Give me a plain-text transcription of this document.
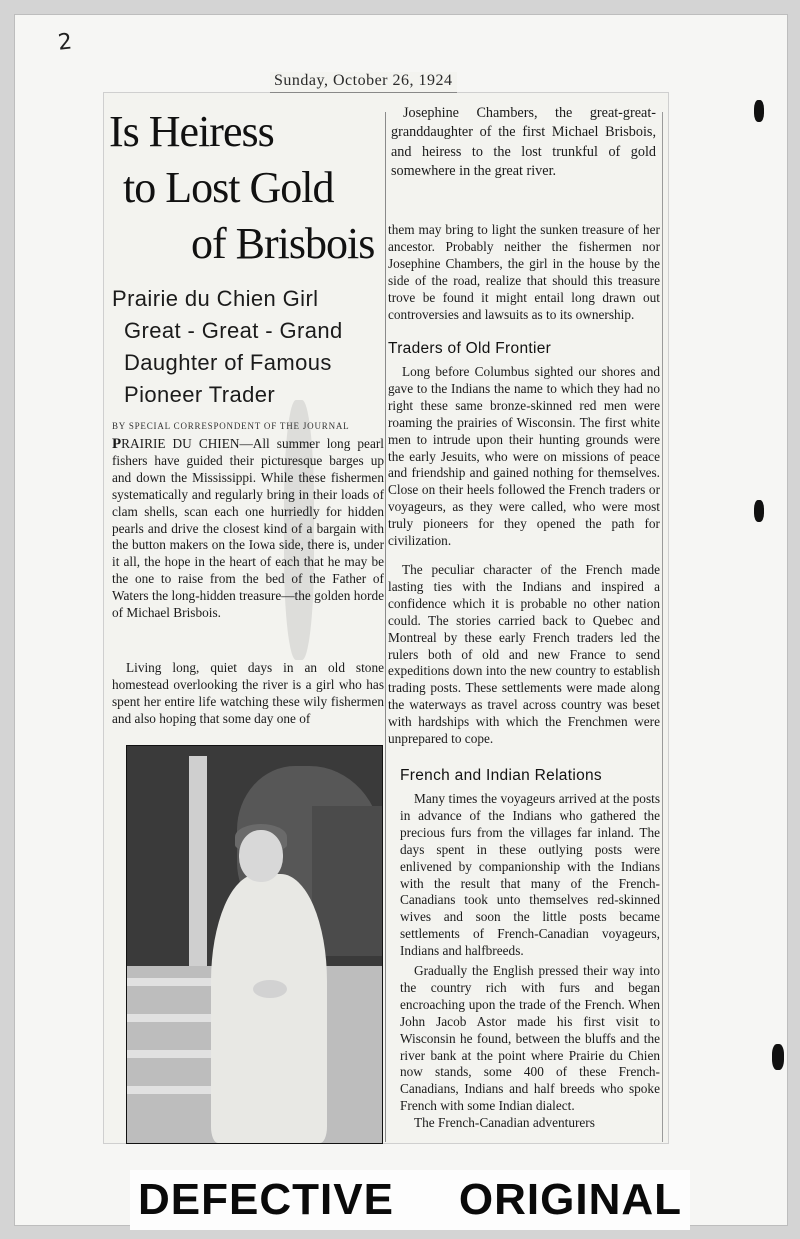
2
Sunday, October 26, 1924
Is Heiress
to Lost Gold
of Brisbois
Prairie du Chien Girl
Great - Great - Grand
Daughter of Famous
Pioneer Trader
BY SPECIAL CORRESPONDENT OF THE JOURNAL
PRAIRIE DU CHIEN—All summer long pearl fishers have guided their picturesque barges up and down the Mississippi. While these fishermen systematically and regularly bring in their loads of clam shells, scan each one hurriedly for hidden pearls and drive the closest kind of a bargain with the button makers on the Iowa side, there is, under it all, the hope in the heart of each that he may be the one to raise from the bed of the Father of Waters the long-hidden treasure—the golden horde of Michael Brisbois.
Living long, quiet days in an old stone homestead overlooking the river is a girl who has spent her entire life watching these wily fishermen and also hoping that some day one of
Josephine Chambers, the great-great-granddaughter of the first Michael Brisbois, and heiress to the lost trunkful of gold somewhere in the great river.
them may bring to light the sunken treasure of her ancestor. Probably neither the fishermen nor Josephine Chambers, the girl in the house by the side of the road, realize that should this treasure trove be found it might entail long drawn out controversies and lawsuits as to its ownership.
Traders of Old Frontier
Long before Columbus sighted our shores and gave to the Indians the name to which they had no right these same bronze-skinned red men were roaming the prairies of Wisconsin. The first white men to intrude upon their hunting grounds were the early Jesuits, who were on missions of peace and friendship and gained nothing for themselves. Close on their heels followed the French traders or voyageurs, as they were called, who were most truly pioneers for they opened the path for civilization.
The peculiar character of the French made lasting ties with the Indians and inspired a confidence which it is probable no other nation could. The stories carried back to Quebec and Montreal by these early French traders led the rulers both of old and new France to send expeditions down into the new country to establish trading posts. These settlements were made along the waterways as travel across country was beset with hardships with which the Frenchmen were unprepared to cope.
French and Indian Relations
Many times the voyageurs arrived at the posts in advance of the Indians who gathered the precious furs from the villages far inland. The days spent in these outlying posts were enlivened by companionship with the Indians with the result that many of the French-Canadians took unto themselves red-skinned wives and soon the little posts became settlements of French-Canadian voyageurs, Indians and halfbreeds.
Gradually the English pressed their way into the country rich with furs and began encroaching upon the trade of the French. When John Jacob Astor made his first visit to Wisconsin he found, between the bluffs and the river bank at the point where Prairie du Chien now stands, some 400 of these French-Canadians, Indians and half breeds who spoke French with some Indian dialect.
The French-Canadian adventurers
DEFECTIVE ORIGINAL
